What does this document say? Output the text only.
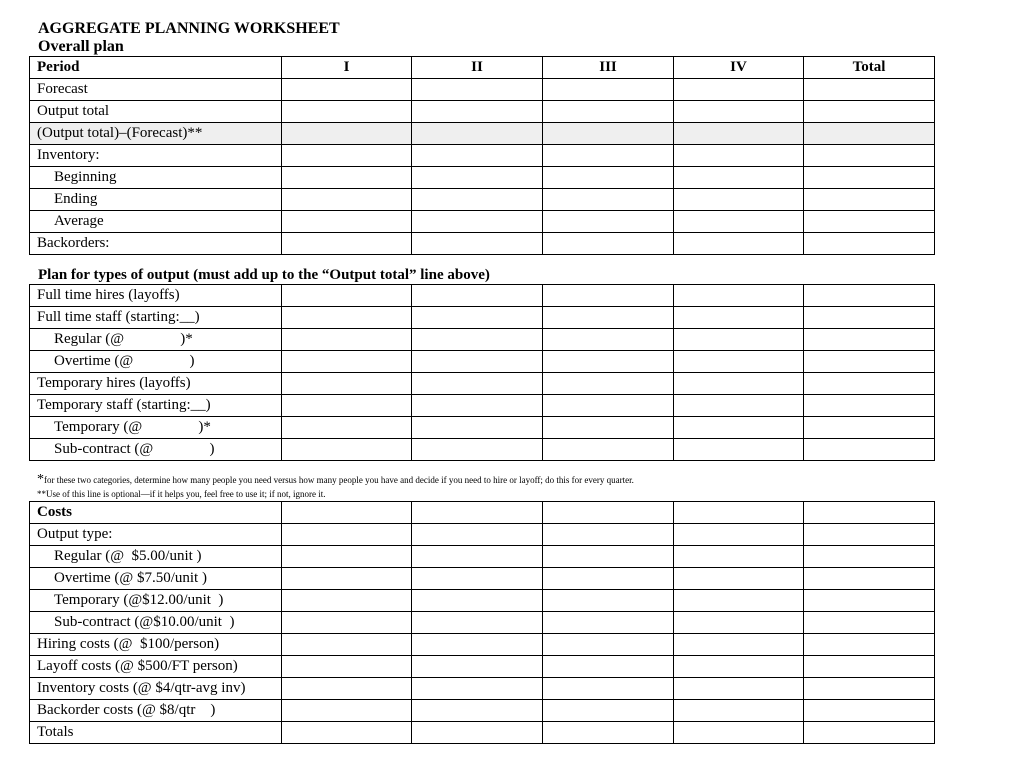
AGGREGATE PLANNING WORKSHEET
Overall plan
Period	I	II	III	IV	Total
Forecast					
Output total					
(Output total)–(Forecast)**					
Inventory:					
Beginning					
Ending					
Average					
Backorders:					
Plan for types of output (must add up to the “Output total” line above)
Full time hires (layoffs)					
Full time staff (starting:__)					
Regular (@               )*					
Overtime (@               )					
Temporary hires (layoffs)					
Temporary staff (starting:__)					
Temporary (@               )*					
Sub-contract (@               )					
*for these two categories, determine how many people you need versus how many people you have and decide if you need to hire or layoff; do this for every quarter.
**Use of this line is optional—if it helps you, feel free to use it; if not, ignore it.
Costs					
Output type:					
Regular (@  $5.00/unit )					
Overtime (@ $7.50/unit )					
Temporary (@$12.00/unit  )					
Sub-contract (@$10.00/unit  )					
Hiring costs (@  $100/person)					
Layoff costs (@ $500/FT person)					
Inventory costs (@ $4/qtr-avg inv)					
Backorder costs (@ $8/qtr    )					
Totals					
